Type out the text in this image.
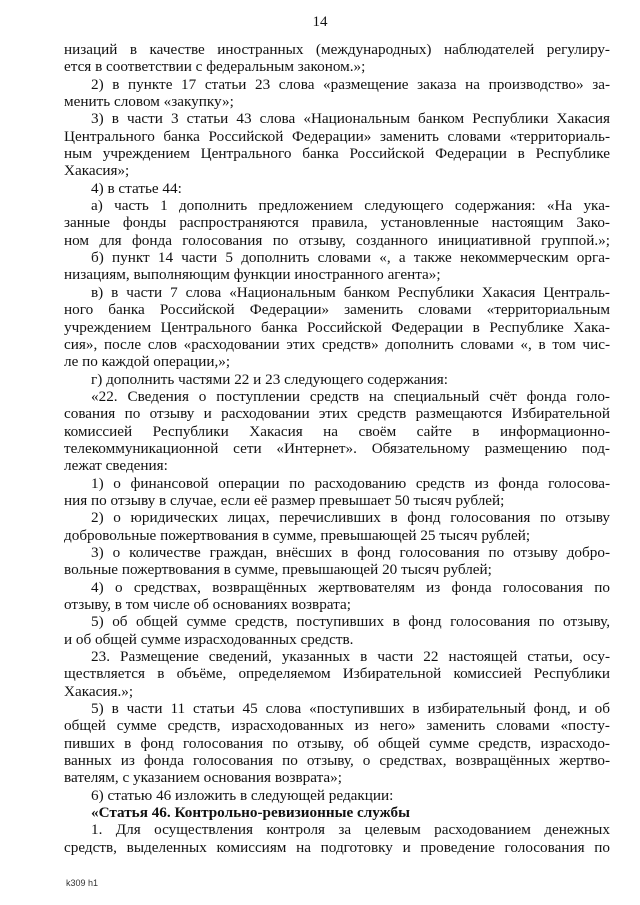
14
низаций в качестве иностранных (международных) наблюдателей регулиру-
ется в соответствии с федеральным законом.»;
2) в пункте 17 статьи 23 слова «размещение заказа на производство» за-
менить словом «закупку»;
3) в части 3 статьи 43 слова «Национальным банком Республики Хакасия
Центрального банка Российской Федерации» заменить словами «территориаль-
ным учреждением Центрального банка Российской Федерации в Республике
Хакасия»;
4) в статье 44:
а) часть 1 дополнить предложением следующего содержания: «На ука-
занные фонды распространяются правила, установленные настоящим Зако-
ном для фонда голосования по отзыву, созданного инициативной группой.»;
б) пункт 14 части 5 дополнить словами «, а также некоммерческим орга-
низациям, выполняющим функции иностранного агента»;
в) в части 7 слова «Национальным банком Республики Хакасия Централь-
ного банка Российской Федерации» заменить словами «территориальным
учреждением Центрального банка Российской Федерации в Республике Хака-
сия», после слов «расходовании этих средств» дополнить словами «, в том чис-
ле по каждой операции,»;
г) дополнить частями 22 и 23 следующего содержания:
«22. Сведения о поступлении средств на специальный счёт фонда голо-
сования по отзыву и расходовании этих средств размещаются Избирательной
комиссией Республики Хакасия на своём сайте в информационно-
телекоммуникационной сети «Интернет». Обязательному размещению под-
лежат сведения:
1) о финансовой операции по расходованию средств из фонда голосова-
ния по отзыву в случае, если её размер превышает 50 тысяч рублей;
2) о юридических лицах, перечисливших в фонд голосования по отзыву
добровольные пожертвования в сумме, превышающей 25 тысяч рублей;
3) о количестве граждан, внёсших в фонд голосования по отзыву добро-
вольные пожертвования в сумме, превышающей 20 тысяч рублей;
4) о средствах, возвращённых жертвователям из фонда голосования по
отзыву, в том числе об основаниях возврата;
5) об общей сумме средств, поступивших в фонд голосования по отзыву,
и об общей сумме израсходованных средств.
23. Размещение сведений, указанных в части 22 настоящей статьи, осу-
ществляется в объёме, определяемом Избирательной комиссией Республики
Хакасия.»;
5) в части 11 статьи 45 слова «поступивших в избирательный фонд, и об
общей сумме средств, израсходованных из него» заменить словами «посту-
пивших в фонд голосования по отзыву, об общей сумме средств, израсходо-
ванных из фонда голосования по отзыву, о средствах, возвращённых жертво-
вателям, с указанием основания возврата»;
6) статью 46 изложить в следующей редакции:
«Статья 46. Контрольно-ревизионные службы
1. Для осуществления контроля за целевым расходованием денежных
средств, выделенных комиссиям на подготовку и проведение голосования по
k309 h1
